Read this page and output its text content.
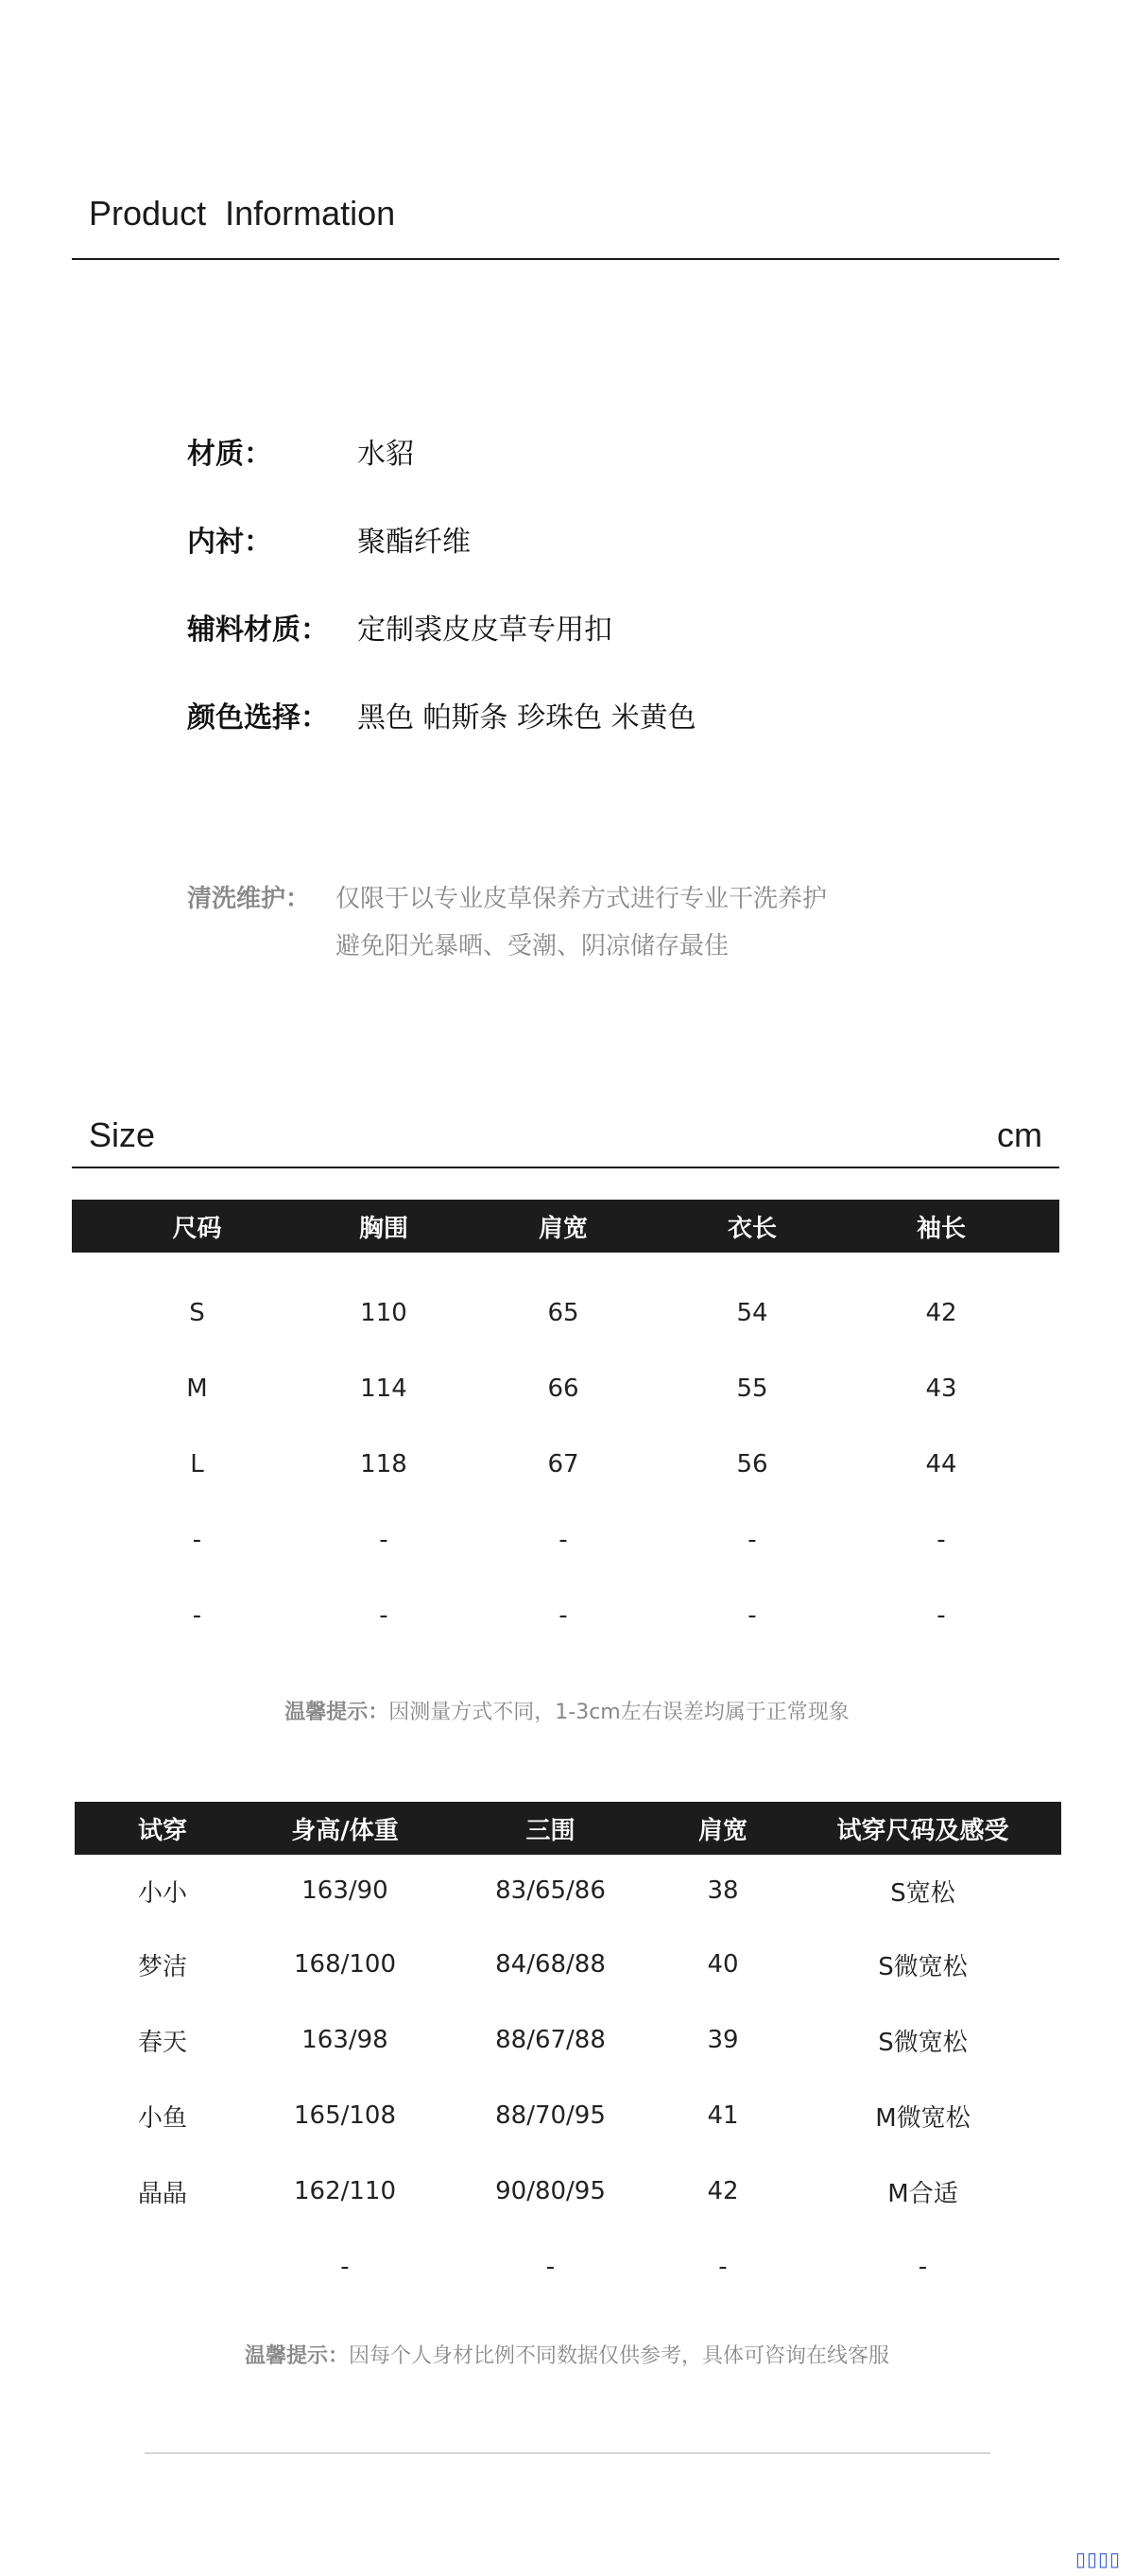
Product Information
材质：	水貂
内衬：	聚酯纤维
辅料材质：	定制裘皮皮草专用扣
颜色选择：	黑色 帕斯条 珍珠色 米黄色
清洗维护：	仅限于以专业皮草保养方式进行专业干洗养护
避免阳光暴晒、受潮、阴凉储存最佳
Size	cm
尺码	胸围	肩宽	衣长	袖长
S	110	65	54	42
M	114	66	55	43
L	118	67	56	44
-	-	-	-	-
-	-	-	-	-
温馨提示：因测量方式不同，1-3cm左右误差均属于正常现象
试穿	身高/体重	三围	肩宽	试穿尺码及感受
小小	163/90	83/65/86	38	S宽松
梦洁	168/100	84/68/88	40	S微宽松
春天	163/98	88/67/88	39	S微宽松
小鱼	165/108	88/70/95	41	M微宽松
晶晶	162/110	90/80/95	42	M合适
	-	-	-	-
温馨提示：因每个人身材比例不同数据仅供参考，具体可咨询在线客服
▯▯▯▯
